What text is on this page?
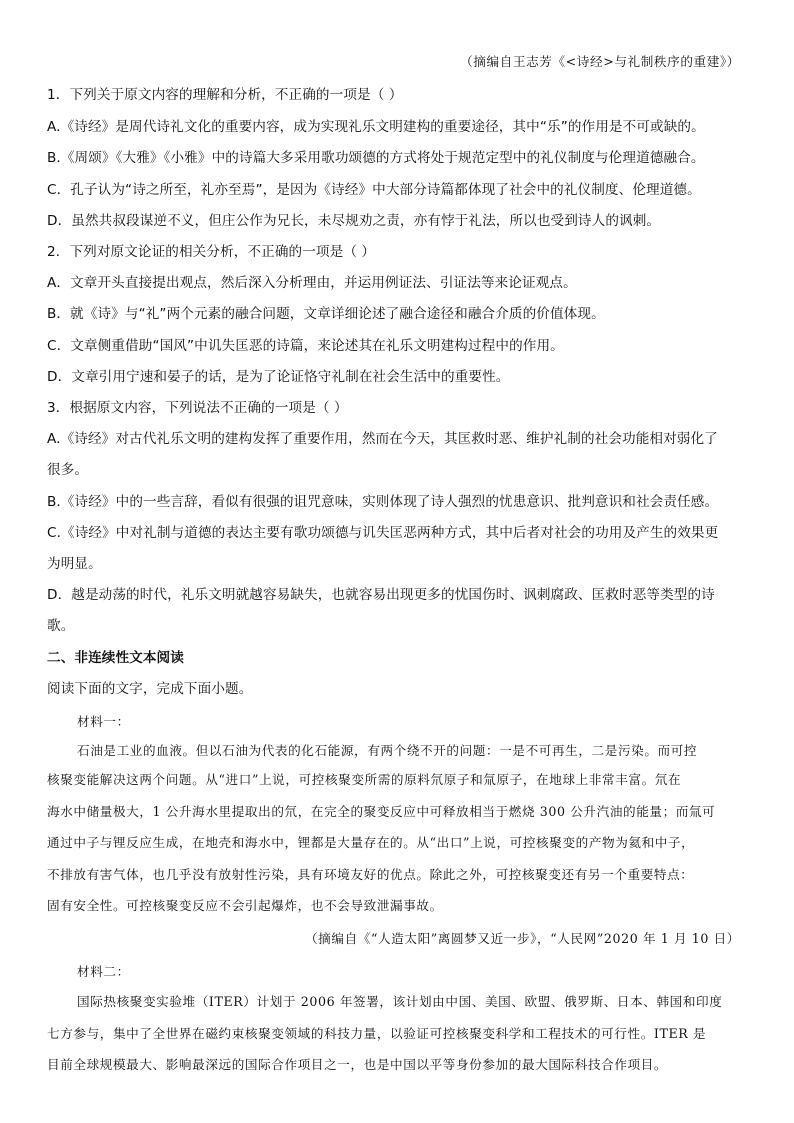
（摘编自王志芳《<诗经>与礼制秩序的重建》）
1．下列关于原文内容的理解和分析，不正确的一项是（ ）
A.《诗经》是周代诗礼文化的重要内容，成为实现礼乐文明建构的重要途径，其中“乐”的作用是不可或缺的。
B.《周颂》《大雅》《小雅》中的诗篇大多采用歌功颂德的方式将处于规范定型中的礼仪制度与伦理道德融合。
C．孔子认为“诗之所至，礼亦至焉”，是因为《诗经》中大部分诗篇都体现了社会中的礼仪制度、伦理道德。
D．虽然共叔段谋逆不义，但庄公作为兄长，未尽规劝之责，亦有悖于礼法，所以也受到诗人的讽刺。
2．下列对原文论证的相关分析，不正确的一项是（ ）
A．文章开头直接提出观点，然后深入分析理由，并运用例证法、引证法等来论证观点。
B．就《诗》与“礼”两个元素的融合问题，文章详细论述了融合途径和融合介质的价值体现。
C．文章侧重借助“国风”中讥失匡恶的诗篇，来论述其在礼乐文明建构过程中的作用。
D．文章引用宁速和晏子的话，是为了论证恪守礼制在社会生活中的重要性。
3．根据原文内容，下列说法不正确的一项是（ ）
A.《诗经》对古代礼乐文明的建构发挥了重要作用，然而在今天，其匡救时恶、维护礼制的社会功能相对弱化了
很多。
B.《诗经》中的一些言辞，看似有很强的诅咒意味，实则体现了诗人强烈的忧患意识、批判意识和社会责任感。
C.《诗经》中对礼制与道德的表达主要有歌功颂德与讥失匡恶两种方式，其中后者对社会的功用及产生的效果更
为明显。
D．越是动荡的时代，礼乐文明就越容易缺失，也就容易出现更多的忧国伤时、讽刺腐政、匡救时恶等类型的诗
歌。
二、非连续性文本阅读
阅读下面的文字，完成下面小题。
材料一：
石油是工业的血液。但以石油为代表的化石能源，有两个绕不开的问题：一是不可再生，二是污染。而可控
核聚变能解决这两个问题。从“进口”上说，可控核聚变所需的原料氘原子和氚原子，在地球上非常丰富。氘在
海水中储量极大，1 公升海水里提取出的氘，在完全的聚变反应中可释放相当于燃烧 300 公升汽油的能量；而氚可
通过中子与锂反应生成，在地壳和海水中，锂都是大量存在的。从“出口”上说，可控核聚变的产物为氦和中子，
不排放有害气体，也几乎没有放射性污染，具有环境友好的优点。除此之外，可控核聚变还有另一个重要特点：
固有安全性。可控核聚变反应不会引起爆炸，也不会导致泄漏事故。
（摘编自《“人造太阳”离圆梦又近一步》，“人民网”2020 年 1 月 10 日）
材料二：
国际热核聚变实验堆（ITER）计划于 2006 年签署，该计划由中国、美国、欧盟、俄罗斯、日本、韩国和印度
七方参与，集中了全世界在磁约束核聚变领域的科技力量，以验证可控核聚变科学和工程技术的可行性。ITER 是
目前全球规模最大、影响最深远的国际合作项目之一，也是中国以平等身份参加的最大国际科技合作项目。
